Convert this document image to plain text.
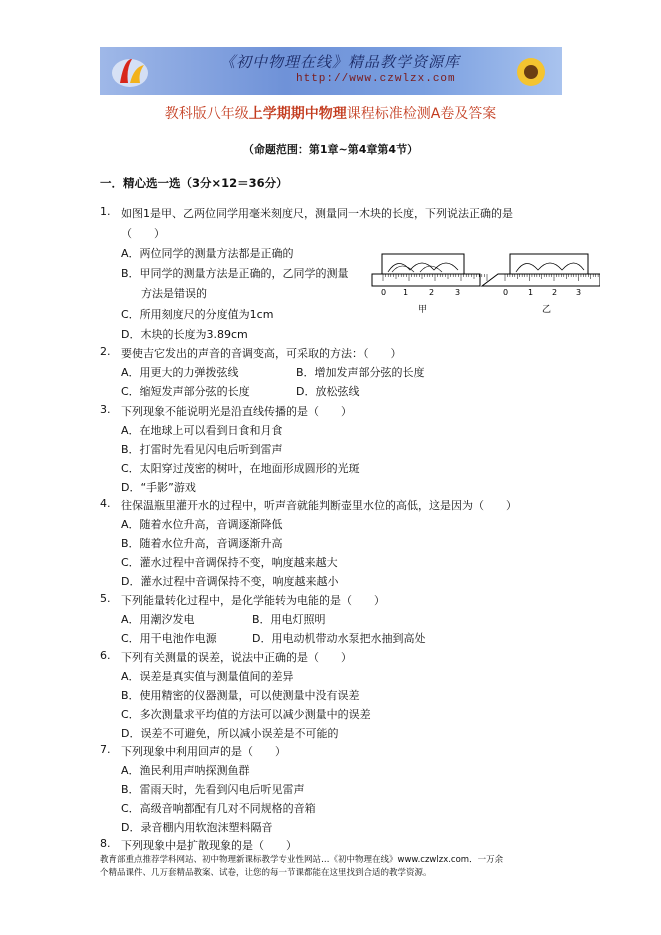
《初中物理在线》精品教学资源库
http://www.czwlzx.com
教科版八年级上学期期中物理课程标准检测A卷及答案
（命题范围：第1章~第4章第4节）
一．精心选一选（3分×12＝36分）
1. 如图1是甲、乙两位同学用毫米刻度尺，测量同一木块的长度，下列说法正确的是
（　　）
A．两位同学的测量方法都是正确的
B．甲同学的测量方法是正确的，乙同学的测量
方法是错误的
C．所用刻度尺的分度值为1cm
D．木块的长度为3.89cm
0 1	2	3	0 1 2 3
甲	乙
2. 要使吉它发出的声音的音调变高，可采取的方法：（　　）
A．用更大的力弹拨弦线	B．增加发声部分弦的长度
C．缩短发声部分弦的长度	D．放松弦线
3. 下列现象不能说明光是沿直线传播的是（　　）
A．在地球上可以看到日食和月食
B．打雷时先看见闪电后听到雷声
C．太阳穿过茂密的树叶，在地面形成圆形的光斑
D．“手影”游戏
4. 往保温瓶里灌开水的过程中，听声音就能判断壶里水位的高低，这是因为（　　）
A．随着水位升高，音调逐渐降低
B．随着水位升高，音调逐渐升高
C．灌水过程中音调保持不变，响度越来越大
D．灌水过程中音调保持不变，响度越来越小
5. 下列能量转化过程中，是化学能转为电能的是（　　）
A．用潮汐发电	B．用电灯照明
C．用干电池作电源	D．用电动机带动水泵把水抽到高处
6. 下列有关测量的误差，说法中正确的是（　　）
A．误差是真实值与测量值间的差异
B．使用精密的仪器测量，可以使测量中没有误差
C．多次测量求平均值的方法可以减少测量中的误差
D．误差不可避免，所以减小误差是不可能的
7. 下列现象中利用回声的是（　　）
A．渔民利用声呐探测鱼群
B．雷雨天时，先看到闪电后听见雷声
C．高级音响都配有几对不同规格的音箱
D．录音棚内用软泡沫塑料隔音
8. 下列现象中是扩散现象的是（　　）
教育部重点推荐学科网站、初中物理新课标教学专业性网站…《初中物理在线》www.czwlzx.com．一万余
个精品课件、几万套精品教案、试卷，让您的每一节课都能在这里找到合适的教学资源。
